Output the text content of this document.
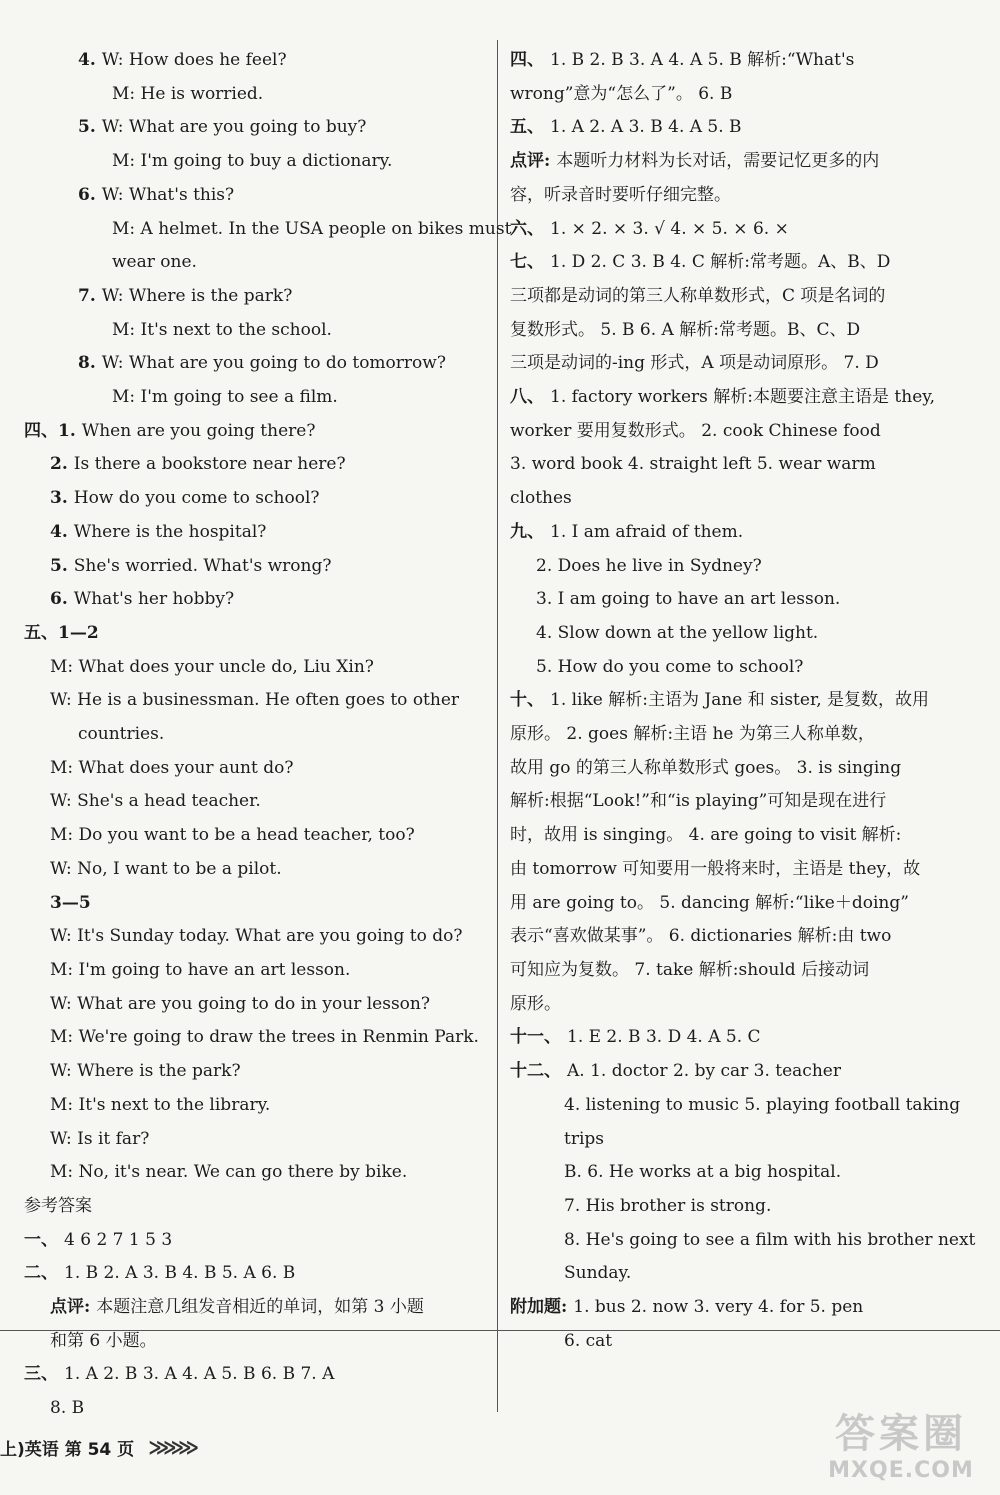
4. W: How does he feel?
M: He is worried.
5. W: What are you going to buy?
M: I'm going to buy a dictionary.
6. W: What's this?
M: A helmet. In the USA people on bikes must
wear one.
7. W: Where is the park?
M: It's next to the school.
8. W: What are you going to do tomorrow?
M: I'm going to see a film.
四、1. When are you going there?
2. Is there a bookstore near here?
3. How do you come to school?
4. Where is the hospital?
5. She's worried. What's wrong?
6. What's her hobby?
五、1—2
M: What does your uncle do, Liu Xin?
W: He is a businessman. He often goes to other
countries.
M: What does your aunt do?
W: She's a head teacher.
M: Do you want to be a head teacher, too?
W: No, I want to be a pilot.
3—5
W: It's Sunday today. What are you going to do?
M: I'm going to have an art lesson.
W: What are you going to do in your lesson?
M: We're going to draw the trees in Renmin Park.
W: Where is the park?
M: It's next to the library.
W: Is it far?
M: No, it's near. We can go there by bike.
参考答案
一、 4 6 2 7 1 5 3
二、 1. B 2. A 3. B 4. B 5. A 6. B
点评: 本题注意几组发音相近的单词，如第 3 小题
和第 6 小题。
三、 1. A 2. B 3. A 4. A 5. B 6. B 7. A
8. B
四、 1. B 2. B 3. A 4. A 5. B 解析:“What's
wrong”意为“怎么了”。 6. B
五、 1. A 2. A 3. B 4. A 5. B
点评: 本题听力材料为长对话，需要记忆更多的内
容，听录音时要听仔细完整。
六、 1. × 2. × 3. √ 4. × 5. × 6. ×
七、 1. D 2. C 3. B 4. C 解析:常考题。A、B、D
三项都是动词的第三人称单数形式，C 项是名词的
复数形式。 5. B 6. A 解析:常考题。B、C、D
三项是动词的-ing 形式，A 项是动词原形。 7. D
八、 1. factory workers 解析:本题要注意主语是 they,
worker 要用复数形式。 2. cook Chinese food
3. word book 4. straight left 5. wear warm
clothes
九、 1. I am afraid of them.
2. Does he live in Sydney?
3. I am going to have an art lesson.
4. Slow down at the yellow light.
5. How do you come to school?
十、 1. like 解析:主语为 Jane 和 sister, 是复数，故用
原形。 2. goes 解析:主语 he 为第三人称单数，
故用 go 的第三人称单数形式 goes。 3. is singing
解析:根据“Look!”和“is playing”可知是现在进行
时，故用 is singing。 4. are going to visit 解析:
由 tomorrow 可知要用一般将来时，主语是 they，故
用 are going to。 5. dancing 解析:“like＋doing”
表示“喜欢做某事”。 6. dictionaries 解析:由 two
可知应为复数。 7. take 解析:should 后接动词
原形。
十一、 1. E 2. B 3. D 4. A 5. C
十二、 A. 1. doctor 2. by car 3. teacher
4. listening to music 5. playing football taking
trips
B. 6. He works at a big hospital.
7. His brother is strong.
8. He's going to see a film with his brother next
Sunday.
附加题: 1. bus 2. now 3. very 4. for 5. pen
6. cat
上)英语 第 54 页 ≫≫≫	答案圈
MXQE.COM
